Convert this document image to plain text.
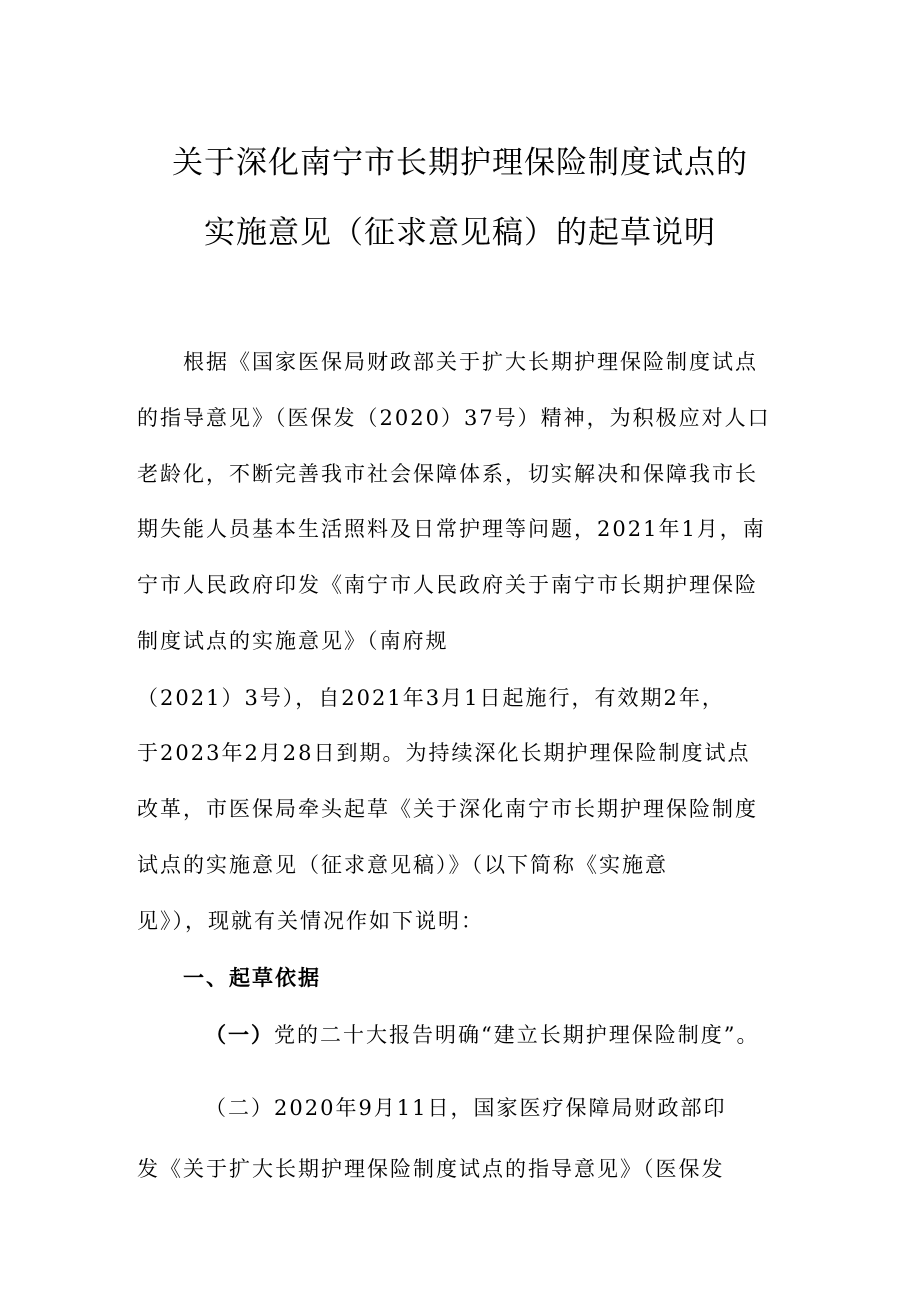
关于深化南宁市长期护理保险制度试点的
实施意见（征求意见稿）的起草说明

根据《国家医保局财政部关于扩大长期护理保险制度试点

的指导意见》（医保发（2020）37号）精神，为积极应对人口

老龄化，不断完善我市社会保障体系，切实解决和保障我市长

期失能人员基本生活照料及日常护理等问题，2021年1月，南

宁市人民政府印发《南宁市人民政府关于南宁市长期护理保险

制度试点的实施意见》（南府规

（2021）3号），自2021年3月1日起施行，有效期2年，

于2023年2月28日到期。为持续深化长期护理保险制度试点

改革，市医保局牵头起草《关于深化南宁市长期护理保险制度

试点的实施意见（征求意见稿）》（以下简称《实施意

见》），现就有关情况作如下说明：

一、起草依据

（一）党的二十大报告明确“建立长期护理保险制度”。

（二）2020年9月11日，国家医疗保障局财政部印

发《关于扩大长期护理保险制度试点的指导意见》（医保发
